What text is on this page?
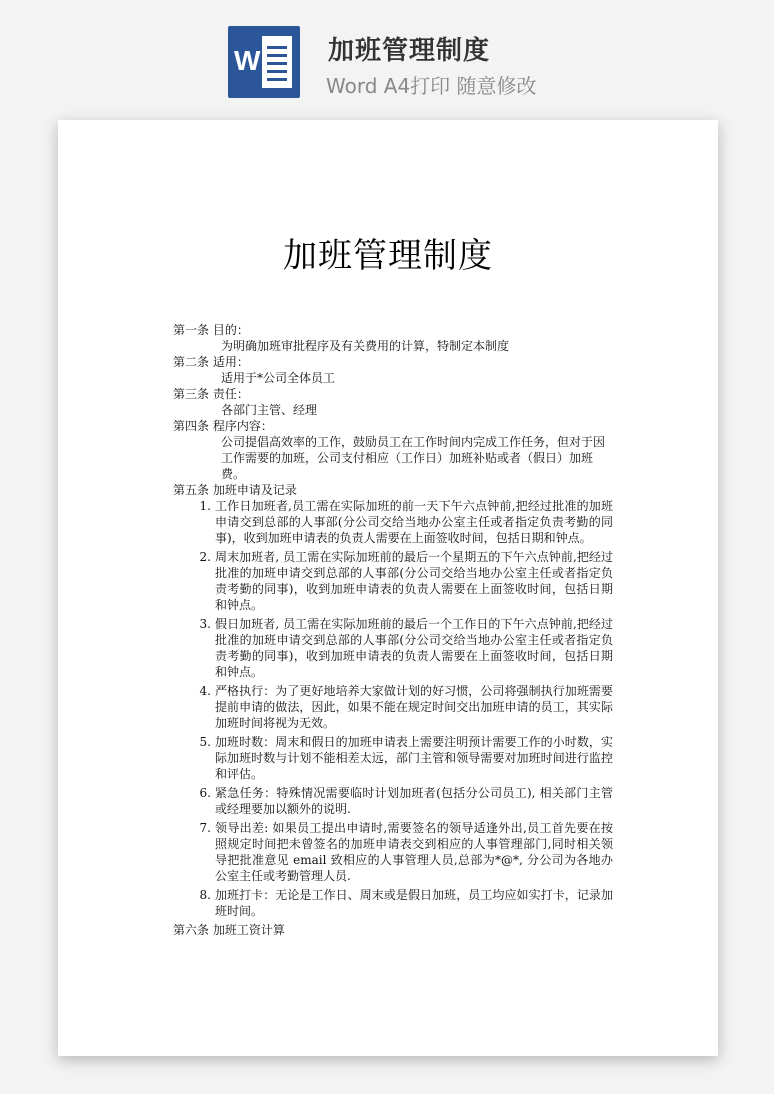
W	加班管理制度
Word A4打印 随意修改
加班管理制度
第一条 目的：
为明确加班审批程序及有关费用的计算，特制定本制度
第二条 适用：
适用于*公司全体员工
第三条 责任：
各部门主管、经理
第四条 程序内容：
公司提倡高效率的工作，鼓励员工在工作时间内完成工作任务，但对于因工作需要的加班，公司支付相应（工作日）加班补贴或者（假日）加班费。
第五条 加班申请及记录
1. 工作日加班者,员工需在实际加班的前一天下午六点钟前,把经过批准的加班申请交到总部的人事部(分公司交给当地办公室主任或者指定负责考勤的同事)，收到加班申请表的负责人需要在上面签收时间，包括日期和钟点。
2. 周末加班者, 员工需在实际加班前的最后一个星期五的下午六点钟前,把经过批准的加班申请交到总部的人事部(分公司交给当地办公室主任或者指定负责考勤的同事)，收到加班申请表的负责人需要在上面签收时间，包括日期和钟点。
3. 假日加班者, 员工需在实际加班前的最后一个工作日的下午六点钟前,把经过批准的加班申请交到总部的人事部(分公司交给当地办公室主任或者指定负责考勤的同事)，收到加班申请表的负责人需要在上面签收时间，包括日期和钟点。
4. 严格执行：为了更好地培养大家做计划的好习惯，公司将强制执行加班需要提前申请的做法，因此，如果不能在规定时间交出加班申请的员工，其实际加班时间将视为无效。
5. 加班时数：周末和假日的加班申请表上需要注明预计需要工作的小时数，实际加班时数与计划不能相差太远，部门主管和领导需要对加班时间进行监控和评估。
6. 紧急任务：特殊情况需要临时计划加班者(包括分公司员工), 相关部门主管或经理要加以额外的说明.
7. 领导出差: 如果员工提出申请时,需要签名的领导适逢外出,员工首先要在按照规定时间把未曾签名的加班申请表交到相应的人事管理部门,同时相关领导把批准意见 email 致相应的人事管理人员,总部为*@*, 分公司为各地办公室主任或考勤管理人员.
8. 加班打卡：无论是工作日、周末或是假日加班，员工均应如实打卡，记录加班时间。
第六条 加班工资计算
